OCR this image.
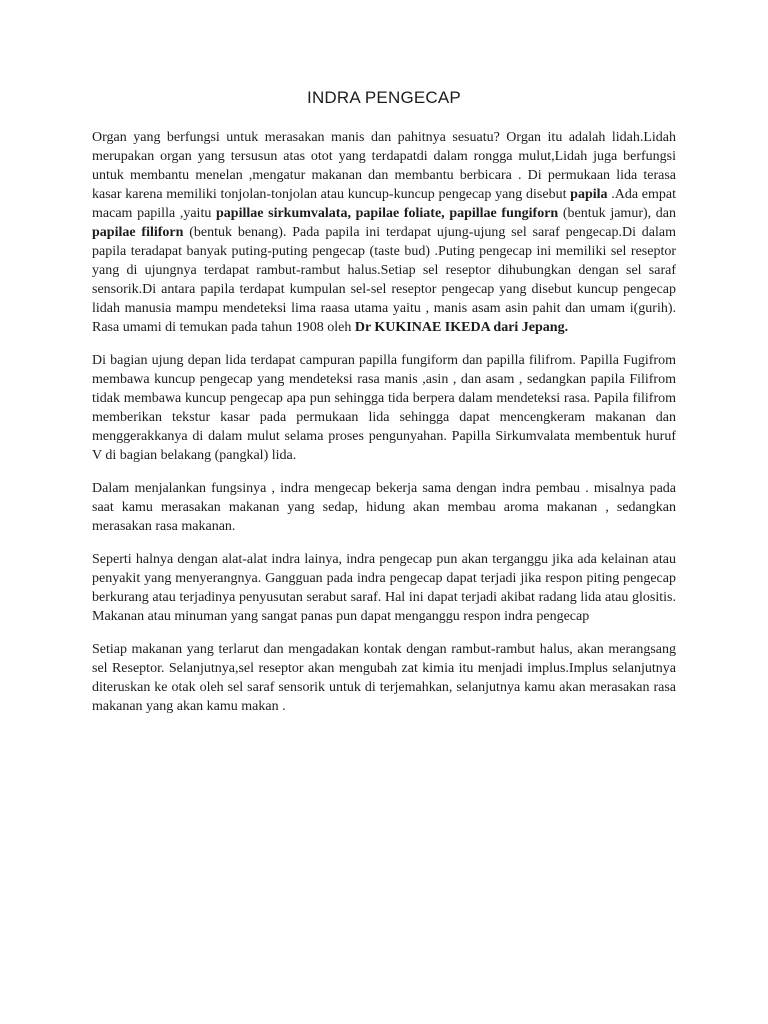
INDRA PENGECAP

Organ yang berfungsi untuk merasakan manis dan pahitnya sesuatu? Organ itu adalah lidah.Lidah merupakan organ yang tersusun atas otot yang terdapatdi dalam rongga mulut,Lidah juga berfungsi untuk membantu menelan ,mengatur makanan dan membantu berbicara . Di permukaan lida terasa kasar karena memiliki tonjolan-tonjolan atau kuncup-kuncup pengecap yang disebut papila .Ada empat macam papilla ,yaitu papillae sirkumvalata, papilae foliate, papillae fungiforn (bentuk jamur), dan papilae filiforn (bentuk benang). Pada papila ini terdapat ujung-ujung sel saraf pengecap.Di dalam papila teradapat banyak puting-puting pengecap (taste bud) .Puting pengecap ini memiliki sel reseptor yang di ujungnya terdapat rambut-rambut halus.Setiap sel reseptor dihubungkan dengan sel saraf sensorik.Di antara papila terdapat kumpulan sel-sel reseptor pengecap yang disebut kuncup pengecap lidah manusia mampu mendeteksi lima raasa utama yaitu , manis asam asin pahit dan umam i(gurih). Rasa umami di temukan pada tahun 1908 oleh Dr KUKINAE IKEDA dari Jepang.

Di bagian ujung depan lida terdapat campuran papilla fungiform dan papilla filifrom. Papilla Fugifrom membawa kuncup pengecap yang mendeteksi rasa manis ,asin , dan asam , sedangkan papila Filifrom tidak membawa kuncup pengecap apa pun sehingga tida berpera dalam mendeteksi rasa. Papila filifrom memberikan tekstur kasar pada permukaan lida sehingga dapat mencengkeram makanan dan menggerakkanya di dalam mulut selama proses pengunyahan. Papilla Sirkumvalata membentuk huruf V di bagian belakang (pangkal) lida.

Dalam menjalankan fungsinya , indra mengecap bekerja sama dengan indra pembau . misalnya pada saat kamu merasakan makanan yang sedap, hidung akan membau aroma makanan , sedangkan merasakan rasa makanan.

Seperti halnya dengan alat-alat indra lainya, indra pengecap pun akan terganggu jika ada kelainan atau penyakit yang menyerangnya. Gangguan pada indra pengecap dapat terjadi jika respon piting pengecap berkurang atau terjadinya penyusutan serabut saraf. Hal ini dapat terjadi akibat radang lida atau glositis. Makanan atau minuman yang sangat panas pun dapat menganggu respon indra pengecap

Setiap makanan yang terlarut dan mengadakan kontak dengan rambut-rambut halus, akan merangsang sel Reseptor. Selanjutnya,sel reseptor akan mengubah zat kimia itu menjadi implus.Implus selanjutnya diteruskan ke otak oleh sel saraf sensorik untuk di terjemahkan, selanjutnya kamu akan merasakan rasa makanan yang akan kamu makan .
